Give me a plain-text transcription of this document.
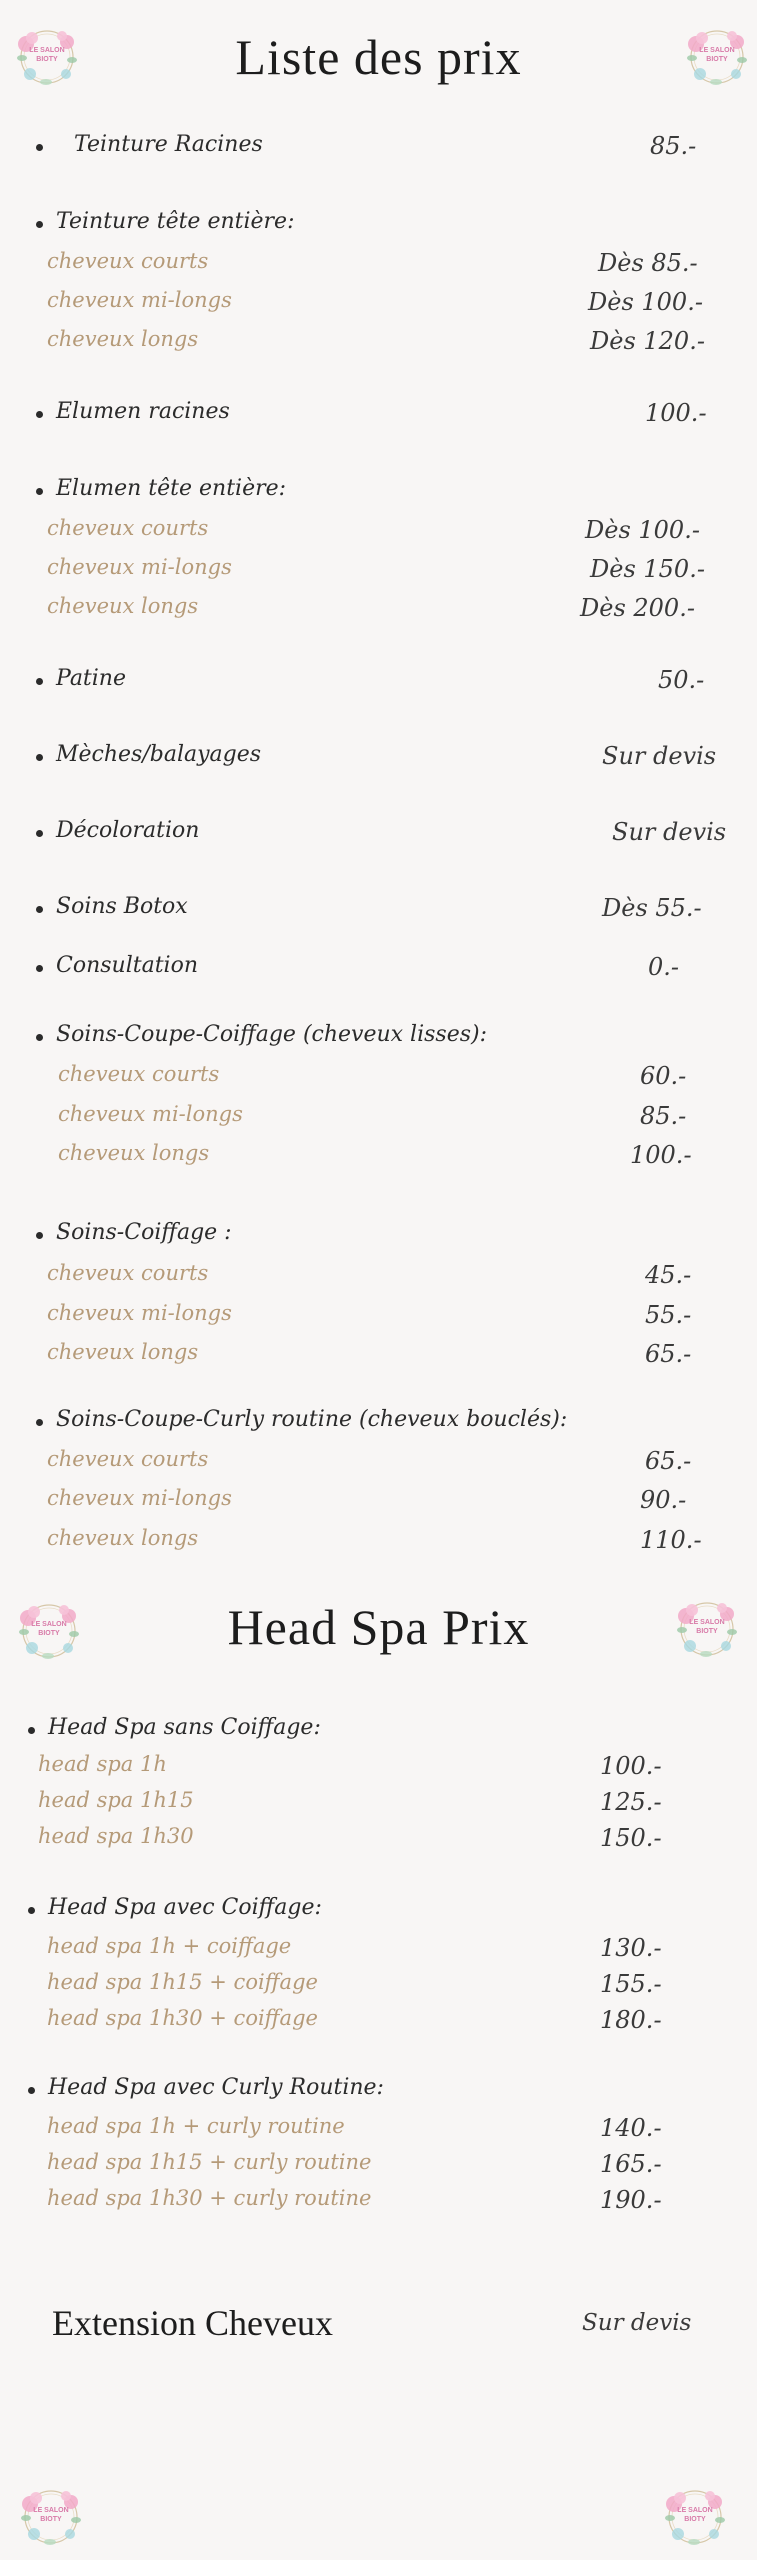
LE SALON
BIOTY
LE SALON
BIOTY
LE SALON
BIOTY
LE SALON
BIOTY
LE SALON
BIOTY
LE SALON
BIOTY
Liste des prix
Head Spa Prix
Teinture Racines	85.-
Teinture tête entière:
cheveux courts	Dès 85.-
cheveux mi-longs	Dès 100.-
cheveux longs	Dès 120.-
Elumen racines	100.-
Elumen tête entière:
cheveux courts	Dès 100.-
cheveux mi-longs	Dès 150.-
cheveux longs	Dès 200.-
Patine	50.-
Mèches/balayages	Sur devis
Décoloration	Sur devis
Soins Botox	Dès 55.-
Consultation	0.-
Soins-Coupe-Coiffage (cheveux lisses):
cheveux courts	60.-
cheveux mi-longs	85.-
cheveux longs	100.-
Soins-Coiffage :
cheveux courts	45.-
cheveux mi-longs	55.-
cheveux longs	65.-
Soins-Coupe-Curly routine (cheveux bouclés):
cheveux courts	65.-
cheveux mi-longs	90.-
cheveux longs	110.-
Head Spa sans Coiffage:
head spa 1h	100.-
head spa 1h15	125.-
head spa 1h30	150.-
Head Spa avec Coiffage:
head spa 1h + coiffage	130.-
head spa 1h15 + coiffage	155.-
head spa 1h30 + coiffage	180.-
Head Spa avec Curly Routine:
head spa 1h + curly routine	140.-
head spa 1h15 + curly routine	165.-
head spa 1h30 + curly routine	190.-
Extension Cheveux	Sur devis
